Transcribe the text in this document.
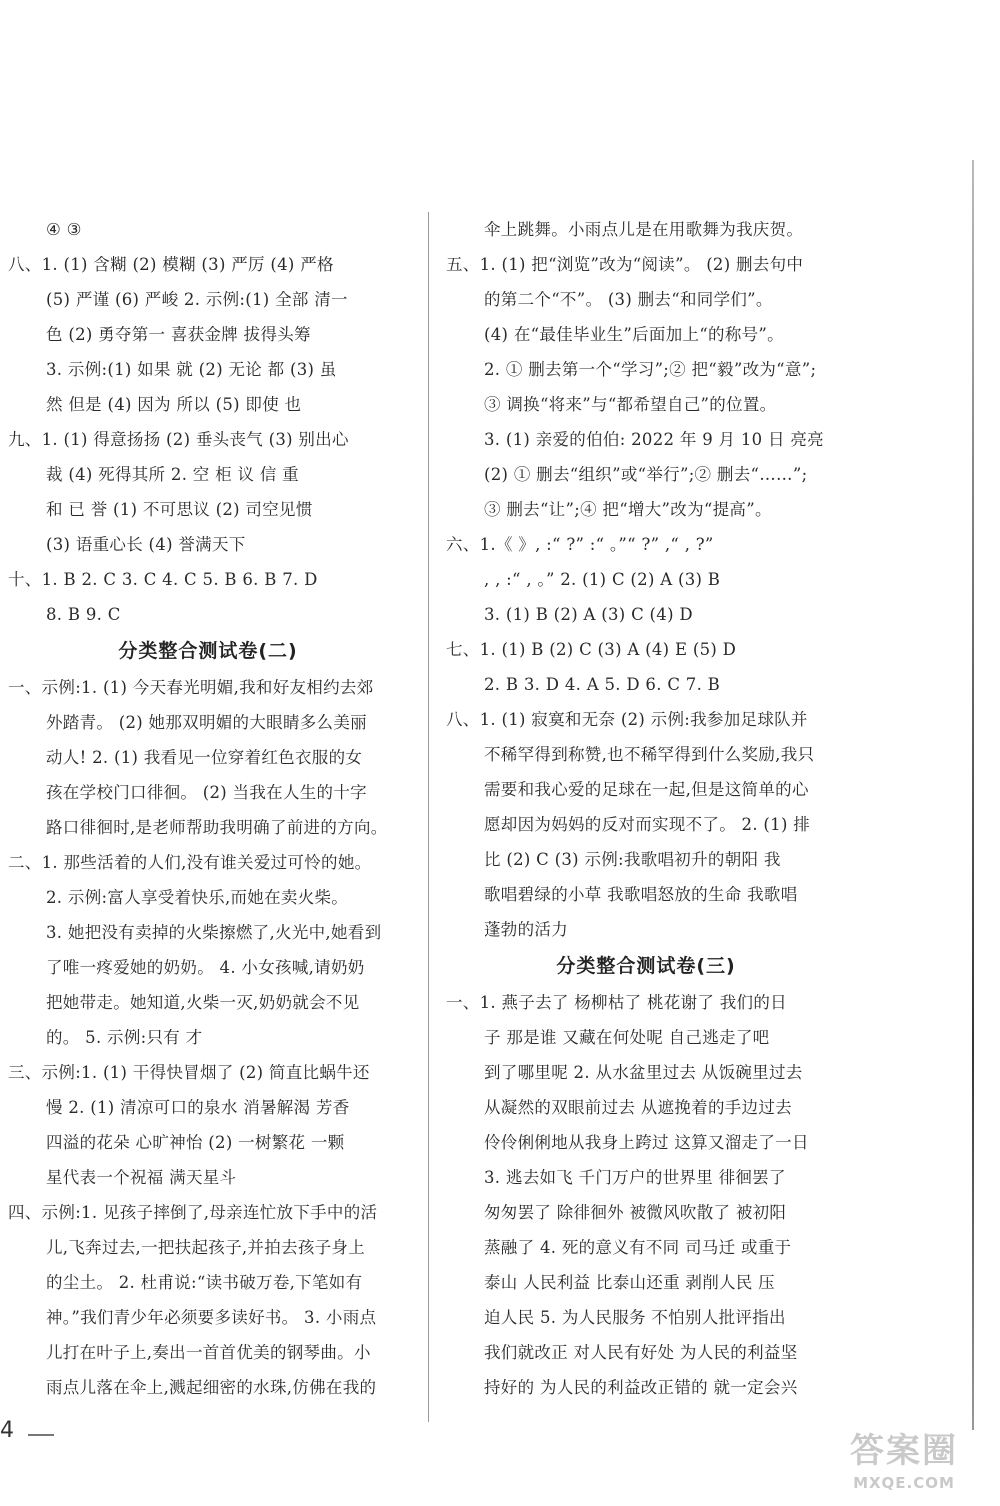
④ ③
八、1. (1) 含糊 (2) 模糊 (3) 严厉 (4) 严格
(5) 严谨 (6) 严峻 2. 示例:(1) 全部 清一
色 (2) 勇夺第一 喜获金牌 拔得头筹
3. 示例:(1) 如果 就 (2) 无论 都 (3) 虽
然 但是 (4) 因为 所以 (5) 即使 也
九、1. (1) 得意扬扬 (2) 垂头丧气 (3) 别出心
裁 (4) 死得其所 2. 空 柜 议 信 重
和 已 誉 (1) 不可思议 (2) 司空见惯
(3) 语重心长 (4) 誉满天下
十、1. B 2. C 3. C 4. C 5. B 6. B 7. D
8. B 9. C
分类整合测试卷(二)
一、示例:1. (1) 今天春光明媚,我和好友相约去郊
外踏青。 (2) 她那双明媚的大眼睛多么美丽
动人! 2. (1) 我看见一位穿着红色衣服的女
孩在学校门口徘徊。 (2) 当我在人生的十字
路口徘徊时,是老师帮助我明确了前进的方向。
二、1. 那些活着的人们,没有谁关爱过可怜的她。
2. 示例:富人享受着快乐,而她在卖火柴。
3. 她把没有卖掉的火柴擦燃了,火光中,她看到
了唯一疼爱她的奶奶。 4. 小女孩喊,请奶奶
把她带走。她知道,火柴一灭,奶奶就会不见
的。 5. 示例:只有 才
三、示例:1. (1) 干得快冒烟了 (2) 简直比蜗牛还
慢 2. (1) 清凉可口的泉水 消暑解渴 芳香
四溢的花朵 心旷神怡 (2) 一树繁花 一颗
星代表一个祝福 满天星斗
四、示例:1. 见孩子摔倒了,母亲连忙放下手中的活
儿,飞奔过去,一把扶起孩子,并拍去孩子身上
的尘土。 2. 杜甫说:“读书破万卷,下笔如有
神。”我们青少年必须要多读好书。 3. 小雨点
儿打在叶子上,奏出一首首优美的钢琴曲。小
雨点儿落在伞上,溅起细密的水珠,仿佛在我的
伞上跳舞。小雨点儿是在用歌舞为我庆贺。
五、1. (1) 把“浏览”改为“阅读”。 (2) 删去句中
的第二个“不”。 (3) 删去“和同学们”。
(4) 在“最佳毕业生”后面加上“的称号”。
2. ① 删去第一个“学习”;② 把“毅”改为“意”;
③ 调换“将来”与“都希望自己”的位置。
3. (1) 亲爱的伯伯: 2022 年 9 月 10 日 亮亮
(2) ① 删去“组织”或“举行”;② 删去“……”;
③ 删去“让”;④ 把“增大”改为“提高”。
六、1.《 》, :“ ?” :“ 。”“ ?” ,“ , ?”
, , :“ , 。” 2. (1) C (2) A (3) B
3. (1) B (2) A (3) C (4) D
七、1. (1) B (2) C (3) A (4) E (5) D
2. B 3. D 4. A 5. D 6. C 7. B
八、1. (1) 寂寞和无奈 (2) 示例:我参加足球队并
不稀罕得到称赞,也不稀罕得到什么奖励,我只
需要和我心爱的足球在一起,但是这简单的心
愿却因为妈妈的反对而实现不了。 2. (1) 排
比 (2) C (3) 示例:我歌唱初升的朝阳 我
歌唱碧绿的小草 我歌唱怒放的生命 我歌唱
蓬勃的活力
分类整合测试卷(三)
一、1. 燕子去了 杨柳枯了 桃花谢了 我们的日
子 那是谁 又藏在何处呢 自己逃走了吧
到了哪里呢 2. 从水盆里过去 从饭碗里过去
从凝然的双眼前过去 从遮挽着的手边过去
伶伶俐俐地从我身上跨过 这算又溜走了一日
3. 逃去如飞 千门万户的世界里 徘徊罢了
匆匆罢了 除徘徊外 被微风吹散了 被初阳
蒸融了 4. 死的意义有不同 司马迁 或重于
泰山 人民利益 比泰山还重 剥削人民 压
迫人民 5. 为人民服务 不怕别人批评指出
我们就改正 对人民有好处 为人民的利益坚
持好的 为人民的利益改正错的 就一定会兴
4
答案圈
MXQE.COM
